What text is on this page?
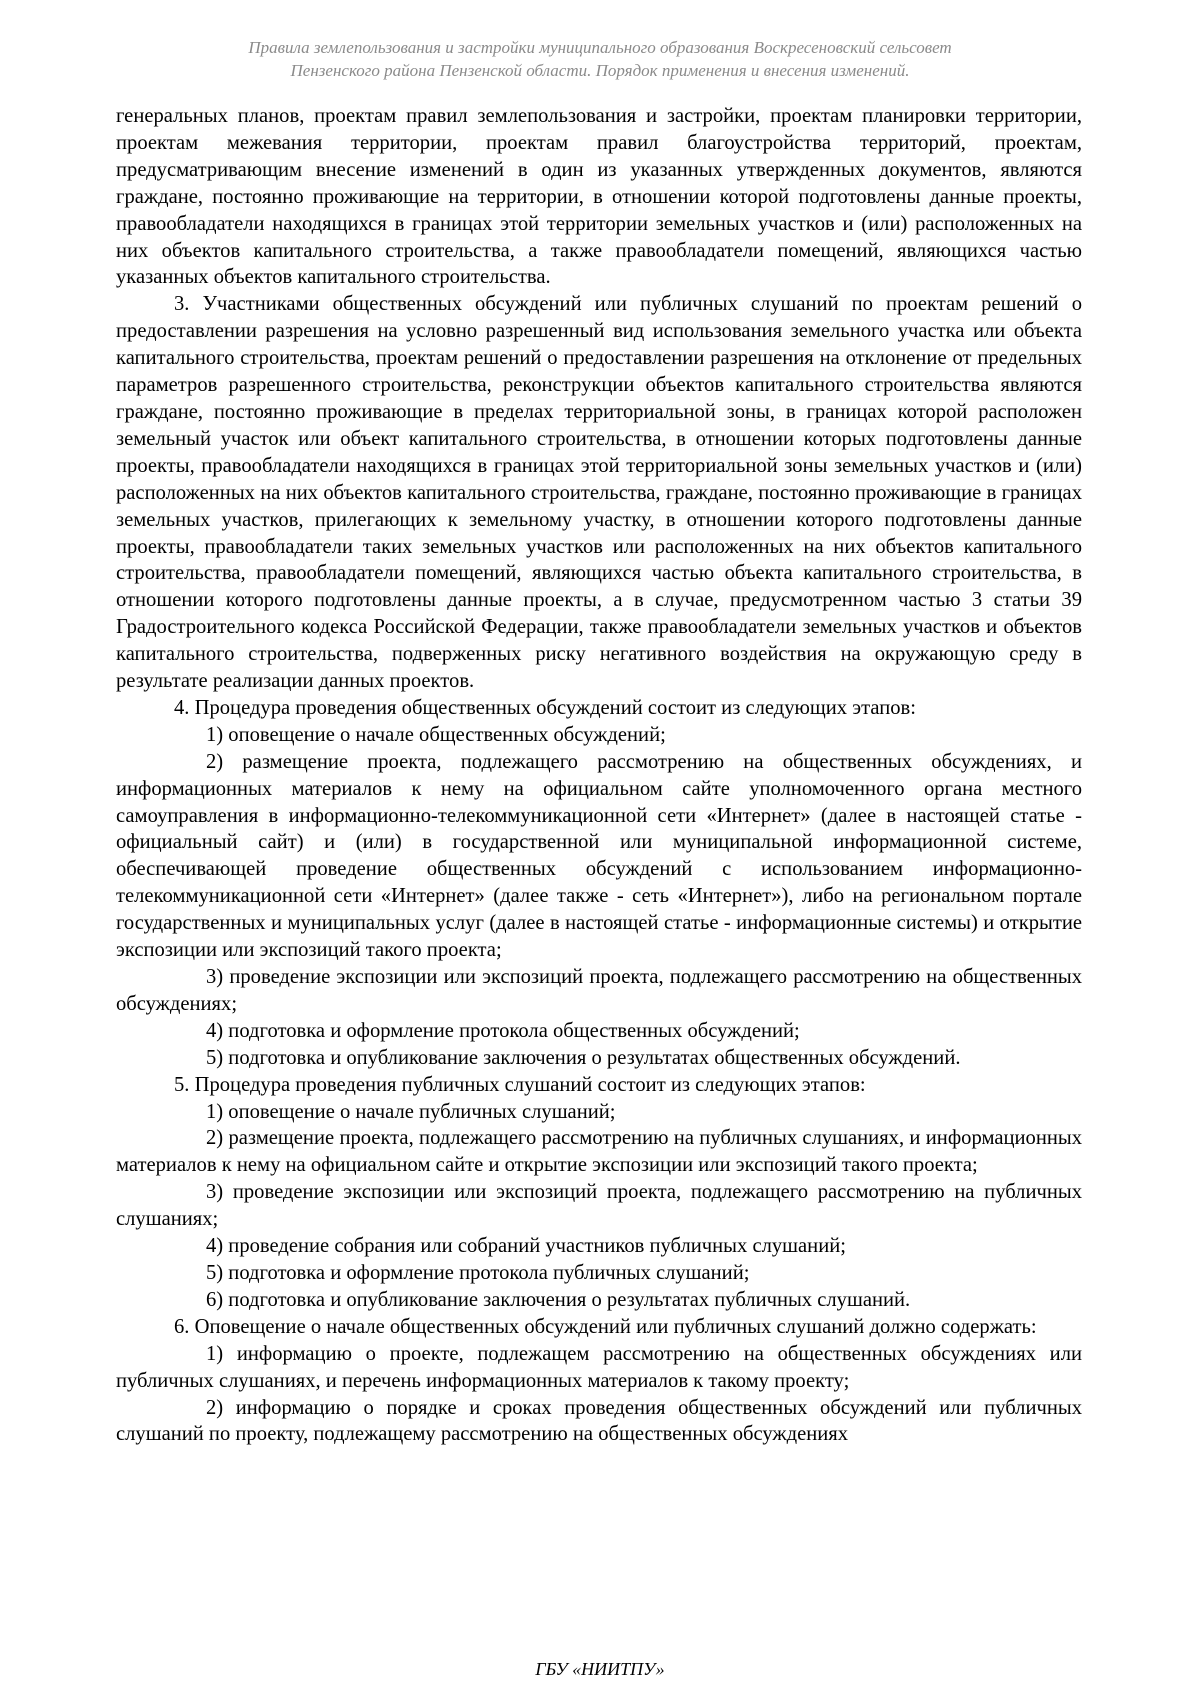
Правила землепользования и застройки муниципального образования Воскресеновский сельсовет
Пензенского района Пензенской области. Порядок применения и внесения изменений.

генеральных планов, проектам правил землепользования и застройки, проектам планировки территории, проектам межевания территории, проектам правил благоустройства территорий, проектам, предусматривающим внесение изменений в один из указанных утвержденных документов, являются граждане, постоянно проживающие на территории, в отношении которой подготовлены данные проекты, правообладатели находящихся в границах этой территории земельных участков и (или) расположенных на них объектов капитального строительства, а также правообладатели помещений, являющихся частью указанных объектов капитального строительства.

3. Участниками общественных обсуждений или публичных слушаний по проектам решений о предоставлении разрешения на условно разрешенный вид использования земельного участка или объекта капитального строительства, проектам решений о предоставлении разрешения на отклонение от предельных параметров разрешенного строительства, реконструкции объектов капитального строительства являются граждане, постоянно проживающие в пределах территориальной зоны, в границах которой расположен земельный участок или объект капитального строительства, в отношении которых подготовлены данные проекты, правообладатели находящихся в границах этой территориальной зоны земельных участков и (или) расположенных на них объектов капитального строительства, граждане, постоянно проживающие в границах земельных участков, прилегающих к земельному участку, в отношении которого подготовлены данные проекты, правообладатели таких земельных участков или расположенных на них объектов капитального строительства, правообладатели помещений, являющихся частью объекта капитального строительства, в отношении которого подготовлены данные проекты, а в случае, предусмотренном частью 3 статьи 39 Градостроительного кодекса Российской Федерации, также правообладатели земельных участков и объектов капитального строительства, подверженных риску негативного воздействия на окружающую среду в результате реализации данных проектов.

4. Процедура проведения общественных обсуждений состоит из следующих этапов:

1) оповещение о начале общественных обсуждений;

2) размещение проекта, подлежащего рассмотрению на общественных обсуждениях, и информационных материалов к нему на официальном сайте уполномоченного органа местного самоуправления в информационно-телекоммуникационной сети «Интернет» (далее в настоящей статье - официальный сайт) и (или) в государственной или муниципальной информационной системе, обеспечивающей проведение общественных обсуждений с использованием информационно-телекоммуникационной сети «Интернет» (далее также - сеть «Интернет»), либо на региональном портале государственных и муниципальных услуг (далее в настоящей статье - информационные системы) и открытие экспозиции или экспозиций такого проекта;

3) проведение экспозиции или экспозиций проекта, подлежащего рассмотрению на общественных обсуждениях;

4) подготовка и оформление протокола общественных обсуждений;

5) подготовка и опубликование заключения о результатах общественных обсуждений.

5. Процедура проведения публичных слушаний состоит из следующих этапов:

1) оповещение о начале публичных слушаний;

2) размещение проекта, подлежащего рассмотрению на публичных слушаниях, и информационных материалов к нему на официальном сайте и открытие экспозиции или экспозиций такого проекта;

3) проведение экспозиции или экспозиций проекта, подлежащего рассмотрению на публичных слушаниях;

4) проведение собрания или собраний участников публичных слушаний;

5) подготовка и оформление протокола публичных слушаний;

6) подготовка и опубликование заключения о результатах публичных слушаний.

6. Оповещение о начале общественных обсуждений или публичных слушаний должно содержать:

1) информацию о проекте, подлежащем рассмотрению на общественных обсуждениях или публичных слушаниях, и перечень информационных материалов к такому проекту;

2) информацию о порядке и сроках проведения общественных обсуждений или публичных слушаний по проекту, подлежащему рассмотрению на общественных обсуждениях

ГБУ «НИИТПУ»
